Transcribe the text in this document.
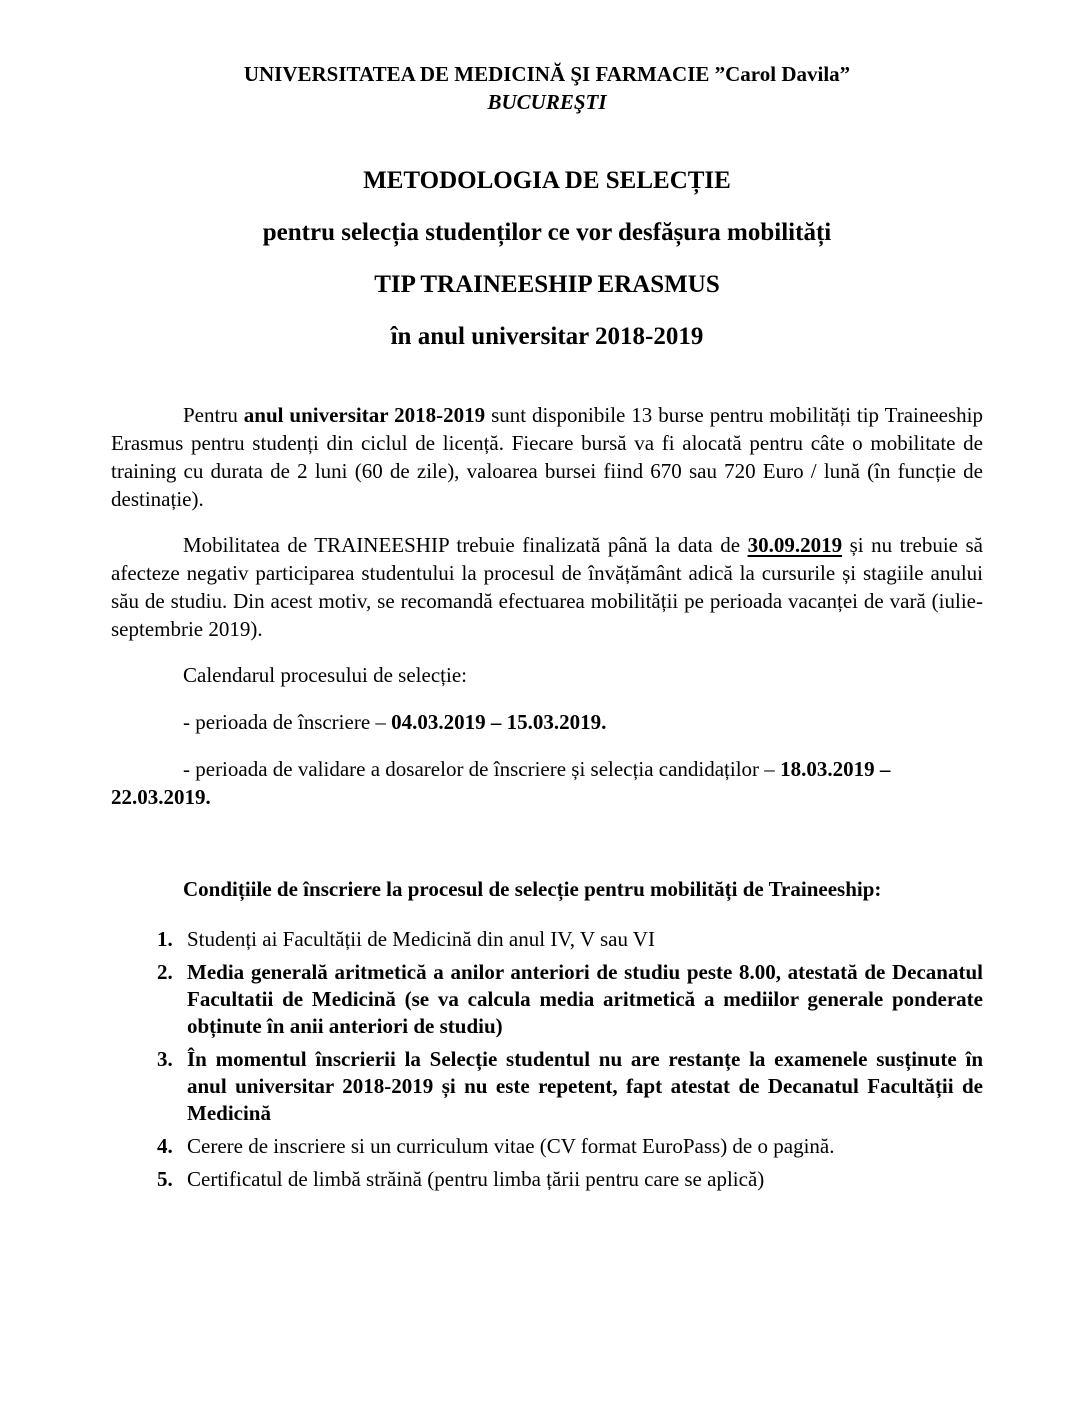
UNIVERSITATEA DE MEDICINĂ ŞI FARMACIE ”Carol Davila”
BUCUREŞTI
METODOLOGIA DE SELECȚIE
pentru selecția studenților ce vor desfășura mobilități
TIP TRAINEESHIP ERASMUS
în anul universitar 2018-2019

Pentru anul universitar 2018-2019 sunt disponibile 13 burse pentru mobilități tip Traineeship Erasmus pentru studenți din ciclul de licență. Fiecare bursă va fi alocată pentru câte o mobilitate de training cu durata de 2 luni (60 de zile), valoarea bursei fiind 670 sau 720 Euro / lună (în funcție de destinație).

Mobilitatea de TRAINEESHIP trebuie finalizată până la data de 30.09.2019 și nu trebuie să afecteze negativ participarea studentului la procesul de învățământ adică la cursurile și stagiile anului său de studiu. Din acest motiv, se recomandă efectuarea mobilității pe perioada vacanței de vară (iulie-septembrie 2019).

Calendarul procesului de selecție:

- perioada de înscriere – 04.03.2019 – 15.03.2019.

- perioada de validare a dosarelor de înscriere și selecția candidaților – 18.03.2019 –
22.03.2019.

Condițiile de înscriere la procesul de selecție pentru mobilități de Traineeship:

1. Studenți ai Facultății de Medicină din anul IV, V sau VI
2. Media generală aritmetică a anilor anteriori de studiu peste 8.00, atestată de Decanatul Facultatii de Medicină (se va calcula media aritmetică a mediilor generale ponderate obținute în anii anteriori de studiu)
3. În momentul înscrierii la Selecție studentul nu are restanțe la examenele susținute în anul universitar 2018-2019 și nu este repetent, fapt atestat de Decanatul Facultății de Medicină
4. Cerere de inscriere si un curriculum vitae (CV format EuroPass) de o pagină.
5. Certificatul de limbă străină (pentru limba țării pentru care se aplică)
